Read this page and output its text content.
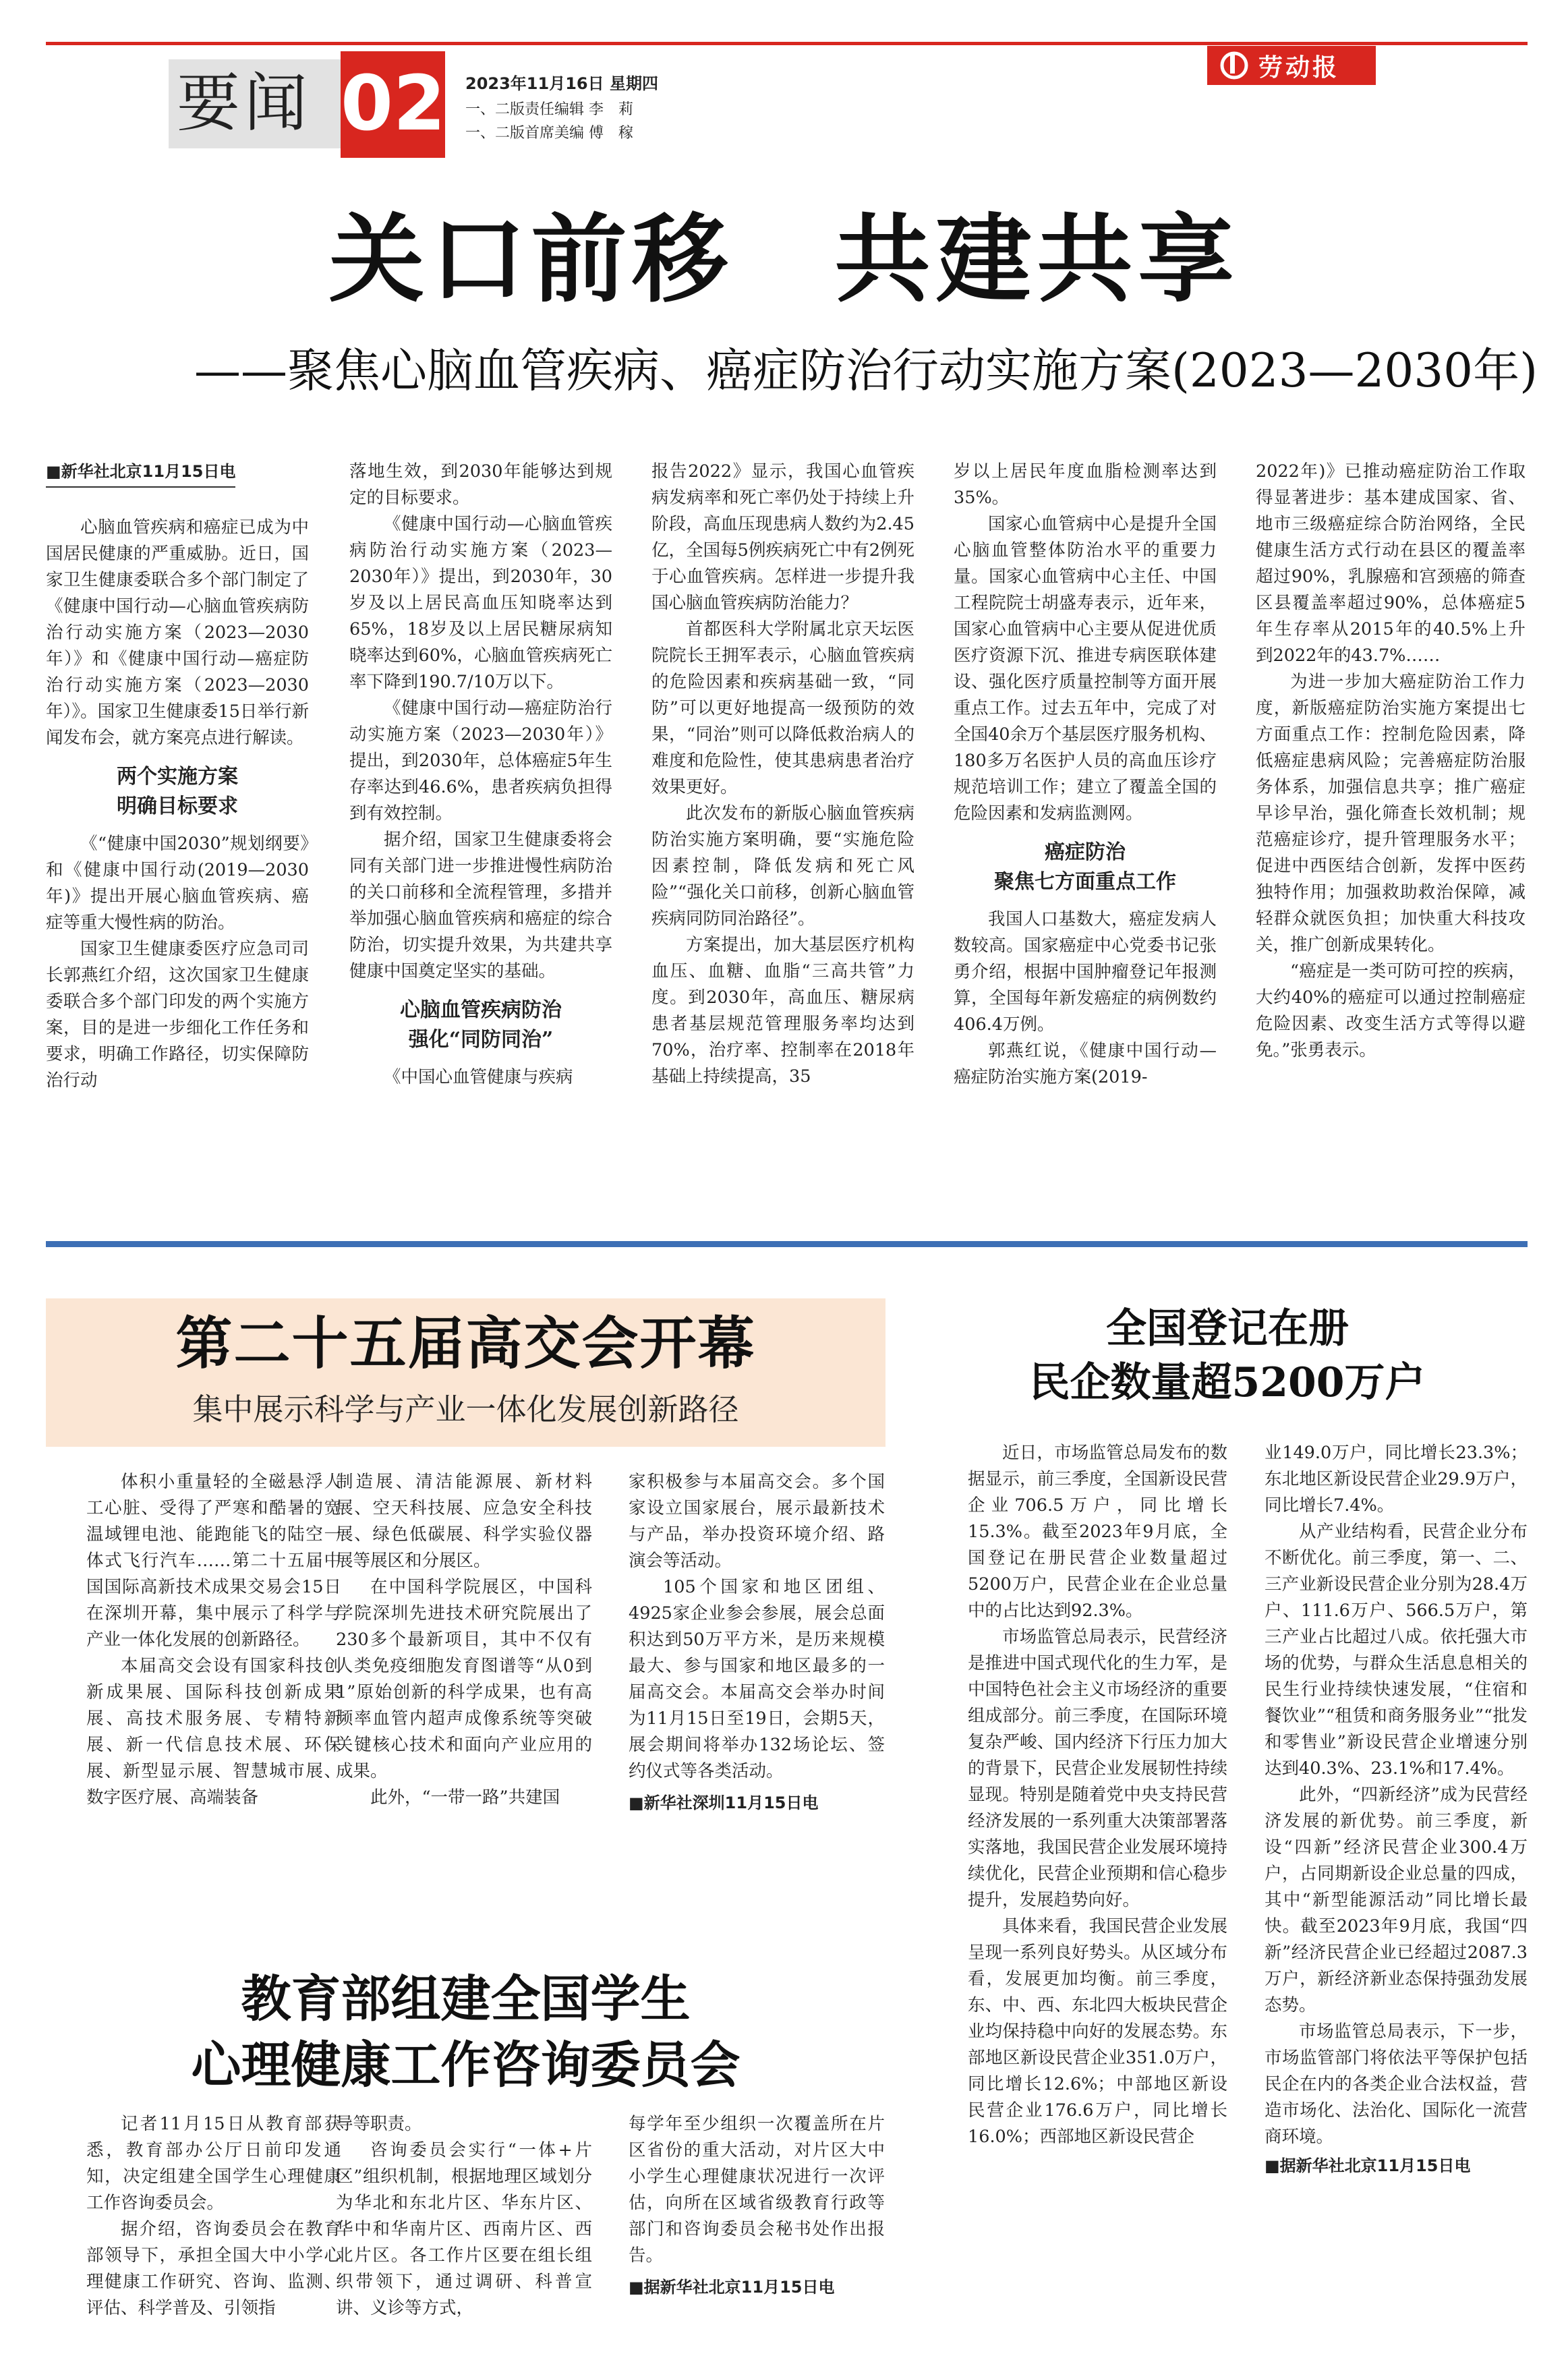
要闻 02 2023年11月16日 星期四
一、二版责任编辑 李　莉
一、二版首席美编 傅　稼
劳动报
关口前移　共建共享
——聚焦心脑血管疾病、癌症防治行动实施方案(2023—2030年)

■新华社北京11月15日电

心脑血管疾病和癌症已成为中国居民健康的严重威胁。近日，国家卫生健康委联合多个部门制定了《健康中国行动—心脑血管疾病防治行动实施方案（2023—2030年）》和《健康中国行动—癌症防治行动实施方案（2023—2030年）》。国家卫生健康委15日举行新闻发布会，就方案亮点进行解读。

两个实施方案
明确目标要求

《“健康中国2030”规划纲要》和《健康中国行动(2019—2030年)》提出开展心脑血管疾病、癌症等重大慢性病的防治。

国家卫生健康委医疗应急司司长郭燕红介绍，这次国家卫生健康委联合多个部门印发的两个实施方案，目的是进一步细化工作任务和要求，明确工作路径，切实保障防治行动

落地生效，到2030年能够达到规定的目标要求。

《健康中国行动—心脑血管疾病防治行动实施方案（2023—2030年）》提出，到2030年，30岁及以上居民高血压知晓率达到65%，18岁及以上居民糖尿病知晓率达到60%，心脑血管疾病死亡率下降到190.7/10万以下。

《健康中国行动—癌症防治行动实施方案（2023—2030年）》提出，到2030年，总体癌症5年生存率达到46.6%，患者疾病负担得到有效控制。

据介绍，国家卫生健康委将会同有关部门进一步推进慢性病防治的关口前移和全流程管理，多措并举加强心脑血管疾病和癌症的综合防治，切实提升效果，为共建共享健康中国奠定坚实的基础。

心脑血管疾病防治
强化“同防同治”

《中国心血管健康与疾病

报告2022》显示，我国心血管疾病发病率和死亡率仍处于持续上升阶段，高血压现患病人数约为2.45亿，全国每5例疾病死亡中有2例死于心血管疾病。怎样进一步提升我国心脑血管疾病防治能力？

首都医科大学附属北京天坛医院院长王拥军表示，心脑血管疾病的危险因素和疾病基础一致，“同防”可以更好地提高一级预防的效果，“同治”则可以降低救治病人的难度和危险性，使其患病患者治疗效果更好。

此次发布的新版心脑血管疾病防治实施方案明确，要“实施危险因素控制，降低发病和死亡风险”“强化关口前移，创新心脑血管疾病同防同治路径”。

方案提出，加大基层医疗机构血压、血糖、血脂“三高共管”力度。到2030年，高血压、糖尿病患者基层规范管理服务率均达到70%，治疗率、控制率在2018年基础上持续提高，35

岁以上居民年度血脂检测率达到35%。

国家心血管病中心是提升全国心脑血管整体防治水平的重要力量。国家心血管病中心主任、中国工程院院士胡盛寿表示，近年来，国家心血管病中心主要从促进优质医疗资源下沉、推进专病医联体建设、强化医疗质量控制等方面开展重点工作。过去五年中，完成了对全国40余万个基层医疗服务机构、180多万名医护人员的高血压诊疗规范培训工作；建立了覆盖全国的危险因素和发病监测网。

癌症防治
聚焦七方面重点工作

我国人口基数大，癌症发病人数较高。国家癌症中心党委书记张勇介绍，根据中国肿瘤登记年报测算，全国每年新发癌症的病例数约406.4万例。

郭燕红说，《健康中国行动—癌症防治实施方案(2019-

2022年)》已推动癌症防治工作取得显著进步：基本建成国家、省、地市三级癌症综合防治网络，全民健康生活方式行动在县区的覆盖率超过90%，乳腺癌和宫颈癌的筛查区县覆盖率超过90%，总体癌症5年生存率从2015年的40.5%上升到2022年的43.7%……

为进一步加大癌症防治工作力度，新版癌症防治实施方案提出七方面重点工作：控制危险因素，降低癌症患病风险；完善癌症防治服务体系，加强信息共享；推广癌症早诊早治，强化筛查长效机制；规范癌症诊疗，提升管理服务水平；促进中西医结合创新，发挥中医药独特作用；加强救助救治保障，减轻群众就医负担；加快重大科技攻关，推广创新成果转化。

“癌症是一类可防可控的疾病，大约40%的癌症可以通过控制癌症危险因素、改变生活方式等得以避免。”张勇表示。

第二十五届高交会开幕
集中展示科学与产业一体化发展创新路径

体积小重量轻的全磁悬浮人工心脏、受得了严寒和酷暑的宽温域锂电池、能跑能飞的陆空一体式飞行汽车……第二十五届中国国际高新技术成果交易会15日在深圳开幕，集中展示了科学与产业一体化发展的创新路径。

本届高交会设有国家科技创新成果展、国际科技创新成果展、高技术服务展、专精特新展、新一代信息技术展、环保展、新型显示展、智慧城市展、数字医疗展、高端装备

制造展、清洁能源展、新材料展、空天科技展、应急安全科技展、绿色低碳展、科学实验仪器展等展区和分展区。

在中国科学院展区，中国科学院深圳先进技术研究院展出了230多个最新项目，其中不仅有人类免疫细胞发育图谱等“从0到1”原始创新的科学成果，也有高频率血管内超声成像系统等突破关键核心技术和面向产业应用的成果。

此外，“一带一路”共建国

家积极参与本届高交会。多个国家设立国家展台，展示最新技术与产品，举办投资环境介绍、路演会等活动。

105个国家和地区团组、4925家企业参会参展，展会总面积达到50万平方米，是历来规模最大、参与国家和地区最多的一届高交会。本届高交会举办时间为11月15日至19日，会期5天，展会期间将举办132场论坛、签约仪式等各类活动。

■新华社深圳11月15日电

教育部组建全国学生
心理健康工作咨询委员会

记者11月15日从教育部获悉，教育部办公厅日前印发通知，决定组建全国学生心理健康工作咨询委员会。

据介绍，咨询委员会在教育部领导下，承担全国大中小学心理健康工作研究、咨询、监测、评估、科学普及、引领指

导等职责。

咨询委员会实行“一体+片区”组织机制，根据地理区域划分为华北和东北片区、华东片区、华中和华南片区、西南片区、西北片区。各工作片区要在组长组织带领下，通过调研、科普宣讲、义诊等方式，

每学年至少组织一次覆盖所在片区省份的重大活动，对片区大中小学生心理健康状况进行一次评估，向所在区域省级教育行政等部门和咨询委员会秘书处作出报告。

■据新华社北京11月15日电

全国登记在册
民企数量超5200万户

近日，市场监管总局发布的数据显示，前三季度，全国新设民营企业706.5万户，同比增长15.3%。截至2023年9月底，全国登记在册民营企业数量超过5200万户，民营企业在企业总量中的占比达到92.3%。

市场监管总局表示，民营经济是推进中国式现代化的生力军，是中国特色社会主义市场经济的重要组成部分。前三季度，在国际环境复杂严峻、国内经济下行压力加大的背景下，民营企业发展韧性持续显现。特别是随着党中央支持民营经济发展的一系列重大决策部署落实落地，我国民营企业发展环境持续优化，民营企业预期和信心稳步提升，发展趋势向好。

具体来看，我国民营企业发展呈现一系列良好势头。从区域分布看，发展更加均衡。前三季度，东、中、西、东北四大板块民营企业均保持稳中向好的发展态势。东部地区新设民营企业351.0万户，同比增长12.6%；中部地区新设民营企业176.6万户，同比增长16.0%；西部地区新设民营企

业149.0万户，同比增长23.3%；东北地区新设民营企业29.9万户，同比增长7.4%。

从产业结构看，民营企业分布不断优化。前三季度，第一、二、三产业新设民营企业分别为28.4万户、111.6万户、566.5万户，第三产业占比超过八成。依托强大市场的优势，与群众生活息息相关的民生行业持续快速发展，“住宿和餐饮业”“租赁和商务服务业”“批发和零售业”新设民营企业增速分别达到40.3%、23.1%和17.4%。

此外，“四新经济”成为民营经济发展的新优势。前三季度，新设“四新”经济民营企业300.4万户，占同期新设企业总量的四成，其中“新型能源活动”同比增长最快。截至2023年9月底，我国“四新”经济民营企业已经超过2087.3万户，新经济新业态保持强劲发展态势。

市场监管总局表示，下一步，市场监管部门将依法平等保护包括民企在内的各类企业合法权益，营造市场化、法治化、国际化一流营商环境。

■据新华社北京11月15日电
